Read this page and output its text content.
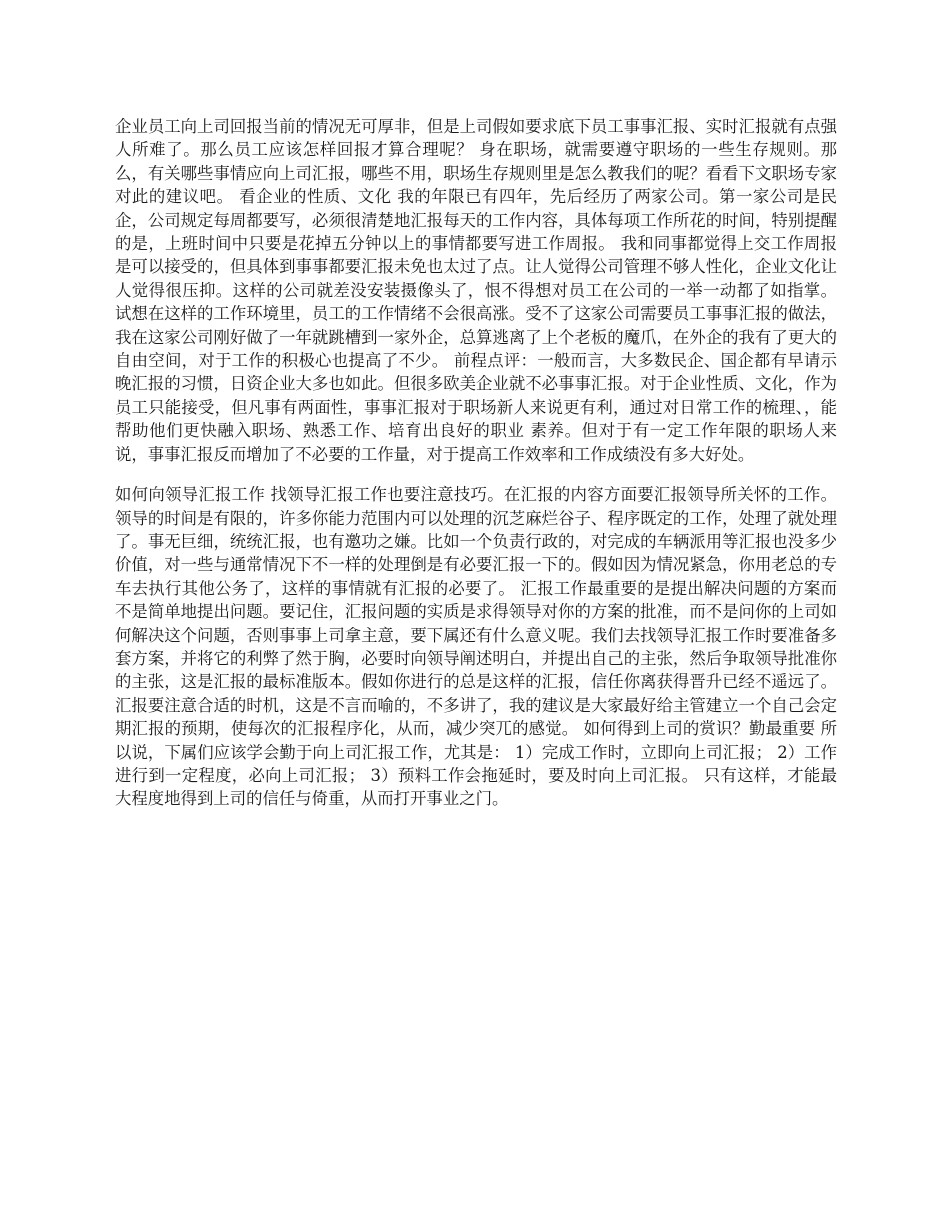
企业员工向上司回报当前的情况无可厚非，但是上司假如要求底下员工事事汇报、实时汇报就有点强人所难了。那么员工应该怎样回报才算合理呢？ 身在职场，就需要遵守职场的一些生存规则。那么，有关哪些事情应向上司汇报，哪些不用，职场生存规则里是怎么教我们的呢？看看下文职场专家对此的建议吧。 看企业的性质、文化 我的年限已有四年，先后经历了两家公司。第一家公司是民企，公司规定每周都要写，必须很清楚地汇报每天的工作内容，具体每项工作所花的时间，特别提醒的是，上班时间中只要是花掉五分钟以上的事情都要写进工作周报。 我和同事都觉得上交工作周报是可以接受的，但具体到事事都要汇报未免也太过了点。让人觉得公司管理不够人性化，企业文化让人觉得很压抑。这样的公司就差没安装摄像头了，恨不得想对员工在公司的一举一动都了如指掌。 试想在这样的工作环境里，员工的工作情绪不会很高涨。受不了这家公司需要员工事事汇报的做法，我在这家公司刚好做了一年就跳槽到一家外企，总算逃离了上个老板的魔爪，在外企的我有了更大的自由空间，对于工作的积极心也提高了不少。 前程点评：一般而言，大多数民企、国企都有早请示晚汇报的习惯，日资企业大多也如此。但很多欧美企业就不必事事汇报。对于企业性质、文化，作为员工只能接受，但凡事有两面性，事事汇报对于职场新人来说更有利，通过对日常工作的梳理、，能帮助他们更快融入职场、熟悉工作、培育出良好的职业 素养。但对于有一定工作年限的职场人来说，事事汇报反而增加了不必要的工作量，对于提高工作效率和工作成绩没有多大好处。

如何向领导汇报工作 找领导汇报工作也要注意技巧。在汇报的内容方面要汇报领导所关怀的工作。领导的时间是有限的，许多你能力范围内可以处理的沉芝麻烂谷子、程序既定的工作，处理了就处理了。事无巨细，统统汇报，也有邀功之嫌。比如一个负责行政的，对完成的车辆派用等汇报也没多少价值，对一些与通常情况下不一样的处理倒是有必要汇报一下的。假如因为情况紧急，你用老总的专车去执行其他公务了，这样的事情就有汇报的必要了。 汇报工作最重要的是提出解决问题的方案而不是简单地提出问题。要记住，汇报问题的实质是求得领导对你的方案的批准，而不是问你的上司如何解决这个问题，否则事事上司拿主意，要下属还有什么意义呢。我们去找领导汇报工作时要准备多套方案，并将它的利弊了然于胸，必要时向领导阐述明白，并提出自己的主张，然后争取领导批准你的主张，这是汇报的最标准版本。假如你进行的总是这样的汇报，信任你离获得晋升已经不遥远了。 汇报要注意合适的时机，这是不言而喻的，不多讲了，我的建议是大家最好给主管建立一个自己会定期汇报的预期，使每次的汇报程序化，从而，减少突兀的感觉。 如何得到上司的赏识？勤最重要 所以说，下属们应该学会勤于向上司汇报工作，尤其是： 1）完成工作时，立即向上司汇报； 2）工作进行到一定程度，必向上司汇报； 3）预料工作会拖延时，要及时向上司汇报。 只有这样，才能最大程度地得到上司的信任与倚重，从而打开事业之门。
